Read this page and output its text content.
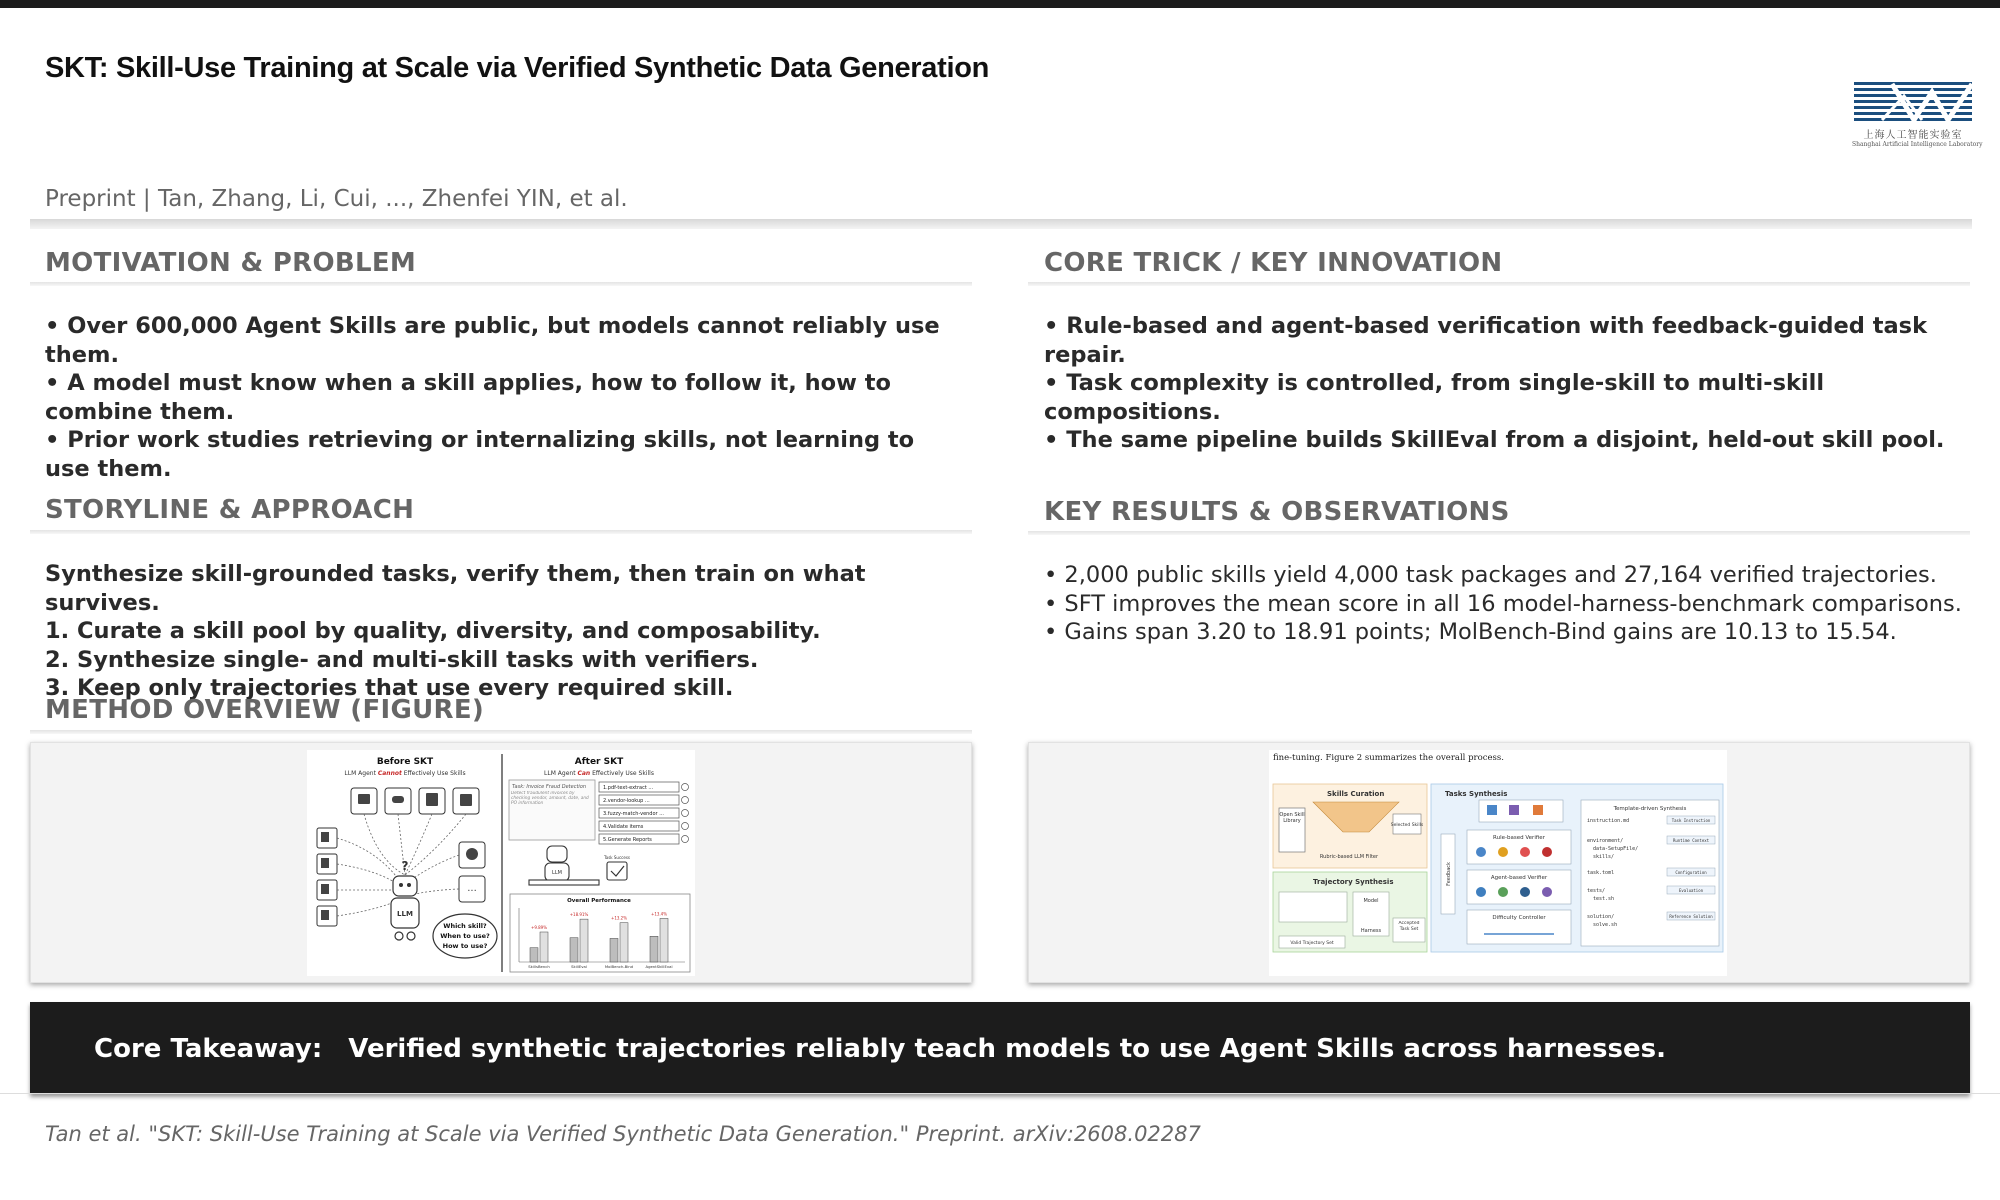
SKT: Skill-Use Training at Scale via Verified Synthetic Data Generation
上海人工智能实验室
Shanghai Artificial Intelligence Laboratory
Preprint | Tan, Zhang, Li, Cui, ..., Zhenfei YIN, et al.
MOTIVATION & PROBLEM
• Over 600,000 Agent Skills are public, but models cannot reliably use them.
• A model must know when a skill applies, how to follow it, how to combine them.
• Prior work studies retrieving or internalizing skills, not learning to use them.
CORE TRICK / KEY INNOVATION
• Rule-based and agent-based verification with feedback-guided task repair.
• Task complexity is controlled, from single-skill to multi-skill compositions.
• The same pipeline builds SkillEval from a disjoint, held-out skill pool.
STORYLINE & APPROACH
Synthesize skill-grounded tasks, verify them, then train on what survives.
1. Curate a skill pool by quality, diversity, and composability.
2. Synthesize single- and multi-skill tasks with verifiers.
3. Keep only trajectories that use every required skill.
KEY RESULTS & OBSERVATIONS
• 2,000 public skills yield 4,000 task packages and 27,164 verified trajectories.
• SFT improves the mean score in all 16 model-harness-benchmark comparisons.
• Gains span 3.20 to 18.91 points; MolBench-Bind gains are 10.13 to 15.54.
METHOD OVERVIEW (FIGURE)
Before SKT
LLM Agent Cannot Effectively Use Skills
···
?
LLM
Which skill?
When to use?
How to use?
After SKT
LLM Agent Can Effectively Use Skills
Task: Invoice Fraud Detection
Detect fraudulent invoices by checking vendor, amount, date, and PO information
1.pdf-text-extract ...
2.vendor-lookup ...
3.fuzzy-match-vendor ...
4.Validate items
5.Generate Reports
LLM
Task Success
Overall Performance
+9.89%
SkillsBench
+18.91%
SkillEval
+13.2%
MolBench-Bind
+13.4%
AgentSkillEval
fine-tuning. Figure 2 summarizes the overall process.
Skills Curation
Open Skill Library
Selected Skills
Rubric-based LLM Filter
Tasks Synthesis
Rule-based Verifier
Agent-based Verifier
Difficulty Controller
Feedback
Template-driven Synthesis
instruction.md	Task Instruction
environment/	Runtime Context
data-SetupFile/
skills/
task.toml	Configuration
tests/	Evaluation
test.sh
solution/	Reference Solution
solve.sh
Trajectory Synthesis
Model
Harness
Accepted Task Set
Valid Trajectory Set
Core Takeaway: Verified synthetic trajectories reliably teach models to use Agent Skills across harnesses.
Tan et al. "SKT: Skill-Use Training at Scale via Verified Synthetic Data Generation." Preprint. arXiv:2608.02287
